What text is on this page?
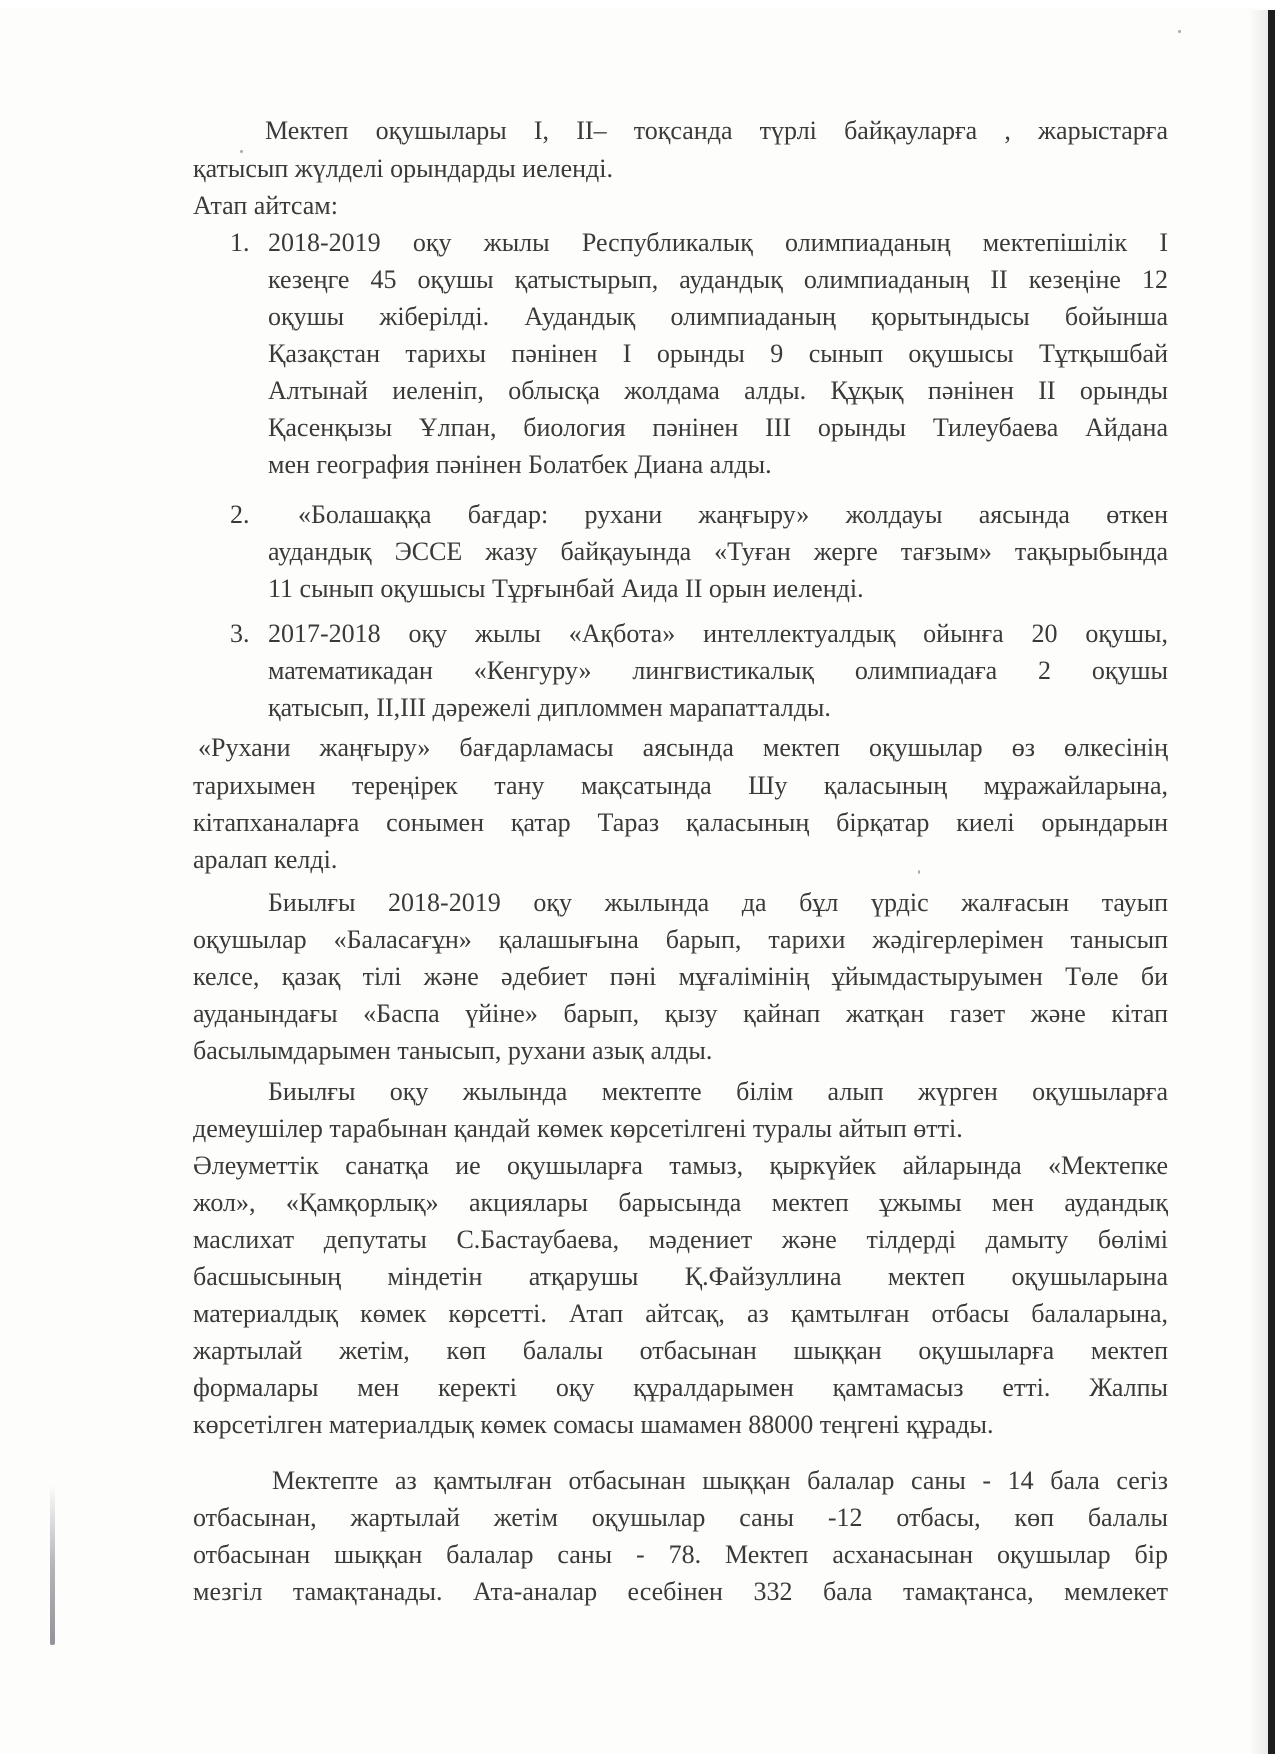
Мектеп оқушылары I, II– тоқсанда түрлі байқауларға , жарыстарға
қатысып жүлделі орындарды иеленді.
Атап айтсам:
1. 2018-2019 оқу жылы Республикалық олимпиаданың мектепішілік I
кезеңге 45 оқушы қатыстырып, аудандық олимпиаданың II кезеңіне 12
оқушы жіберілді. Аудандық олимпиаданың қорытындысы бойынша
Қазақстан тарихы пәнінен I орынды 9 сынып оқушысы Тұтқышбай
Алтынай иеленіп, облысқа жолдама алды. Құқық пәнінен II орынды
Қасенқызы Ұлпан, биология пәнінен III орынды Тилеубаева Айдана
мен география пәнінен Болатбек Диана алды.
2. «Болашаққа бағдар: рухани жаңғыру» жолдауы аясында өткен
аудандық ЭССЕ жазу байқауында «Туған жерге тағзым» тақырыбында
11 сынып оқушысы Тұрғынбай Аида II орын иеленді.
3. 2017-2018 оқу жылы «Ақбота» интеллектуалдық ойынға 20 оқушы,
математикадан «Кенгуру» лингвистикалық олимпиадаға 2 оқушы
қатысып, II,III дәрежелі дипломмен марапатталды.
«Рухани жаңғыру» бағдарламасы аясында мектеп оқушылар өз өлкесінің
тарихымен тереңірек тану мақсатында Шу қаласының мұражайларына,
кітапханаларға сонымен қатар Тараз қаласының бірқатар киелі орындарын
аралап келді.
Биылғы 2018-2019 оқу жылында да бұл үрдіс жалғасын тауып
оқушылар «Баласағұн» қалашығына барып, тарихи жәдігерлерімен танысып
келсе, қазақ тілі және әдебиет пәні мұғалімінің ұйымдастыруымен Төле би
ауданындағы «Баспа үйіне» барып, қызу қайнап жатқан газет және кітап
басылымдарымен танысып, рухани азық алды.
Биылғы оқу жылында мектепте білім алып жүрген оқушыларға
демеушілер тарабынан қандай көмек көрсетілгені туралы айтып өтті.
Әлеуметтік санатқа ие оқушыларға тамыз, қыркүйек айларында «Мектепке
жол», «Қамқорлық» акциялары барысында мектеп ұжымы мен аудандық
маслихат депутаты С.Бастаубаева, мәдениет және тілдерді дамыту бөлімі
басшысының міндетін атқарушы Қ.Файзуллина мектеп оқушыларына
материалдық көмек көрсетті. Атап айтсақ, аз қамтылған отбасы балаларына,
жартылай жетім, көп балалы отбасынан шыққан оқушыларға мектеп
формалары мен керекті оқу құралдарымен қамтамасыз етті. Жалпы
көрсетілген материалдық көмек сомасы шамамен 88000 теңгені құрады.
Мектепте аз қамтылған отбасынан шыққан балалар саны - 14 бала сегіз
отбасынан, жартылай жетім оқушылар саны -12 отбасы, көп балалы
отбасынан шыққан балалар саны - 78. Мектеп асханасынан оқушылар бір
мезгіл тамақтанады. Ата-аналар есебінен 332 бала тамақтанса, мемлекет
